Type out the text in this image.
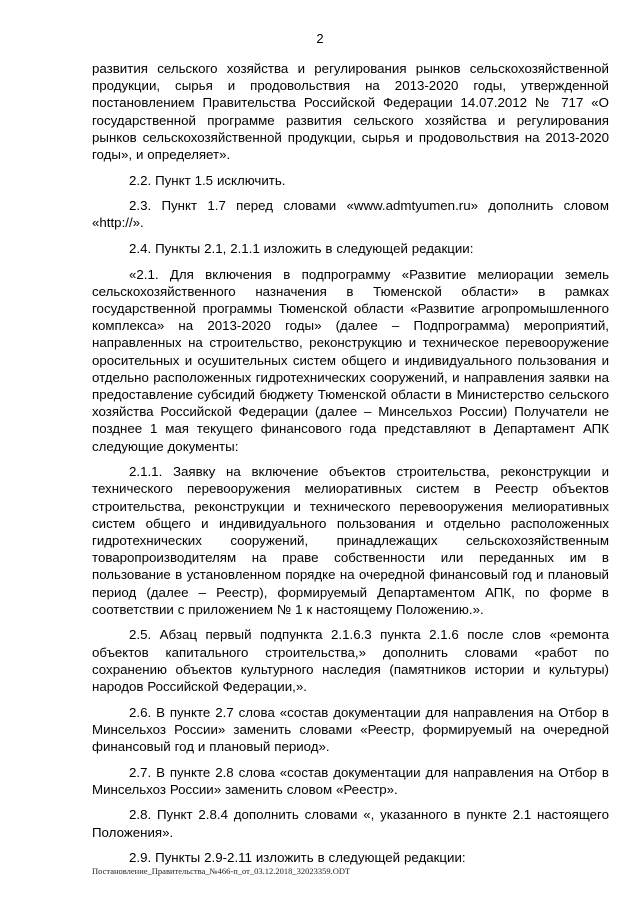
2

развития сельского хозяйства и регулирования рынков сельскохозяйственной продукции, сырья и продовольствия на 2013-2020 годы, утвержденной постановлением Правительства Российской Федерации 14.07.2012 № 717 «О государственной программе развития сельского хозяйства и регулирования рынков сельскохозяйственной продукции, сырья и продовольствия на 2013-2020 годы», и определяет».

2.2. Пункт 1.5 исключить.

2.3. Пункт 1.7 перед словами «www.admtyumen.ru» дополнить словом «http://».

2.4. Пункты 2.1, 2.1.1 изложить в следующей редакции:

«2.1. Для включения в подпрограмму «Развитие мелиорации земель сельскохозяйственного назначения в Тюменской области» в рамках государственной программы Тюменской области «Развитие агропромышленного комплекса» на 2013-2020 годы» (далее – Подпрограмма) мероприятий, направленных на строительство, реконструкцию и техническое перевооружение оросительных и осушительных систем общего и индивидуального пользования и отдельно расположенных гидротехнических сооружений, и направления заявки на предоставление субсидий бюджету Тюменской области в Министерство сельского хозяйства Российской Федерации (далее – Минсельхоз России) Получатели не позднее 1 мая текущего финансового года представляют в Департамент АПК следующие документы:

2.1.1. Заявку на включение объектов строительства, реконструкции и технического перевооружения мелиоративных систем в Реестр объектов строительства, реконструкции и технического перевооружения мелиоративных систем общего и индивидуального пользования и отдельно расположенных гидротехнических сооружений, принадлежащих сельскохозяйственным товаропроизводителям на праве собственности или переданных им в пользование в установленном порядке на очередной финансовый год и плановый период (далее – Реестр), формируемый Департаментом АПК, по форме в соответствии с приложением № 1 к настоящему Положению.».

2.5. Абзац первый подпункта 2.1.6.3 пункта 2.1.6 после слов «ремонта объектов капитального строительства,» дополнить словами «работ по сохранению объектов культурного наследия (памятников истории и культуры) народов Российской Федерации,».

2.6. В пункте 2.7 слова «состав документации для направления на Отбор в Минсельхоз России» заменить словами «Реестр, формируемый на очередной финансовый год и плановый период».

2.7. В пункте 2.8 слова «состав документации для направления на Отбор в Минсельхоз России» заменить словом «Реестр».

2.8. Пункт 2.8.4 дополнить словами «, указанного в пункте 2.1 настоящего Положения».

2.9. Пункты 2.9-2.11 изложить в следующей редакции:

Постановление_Правительства_№466-п_от_03.12.2018_32023359.ODT
